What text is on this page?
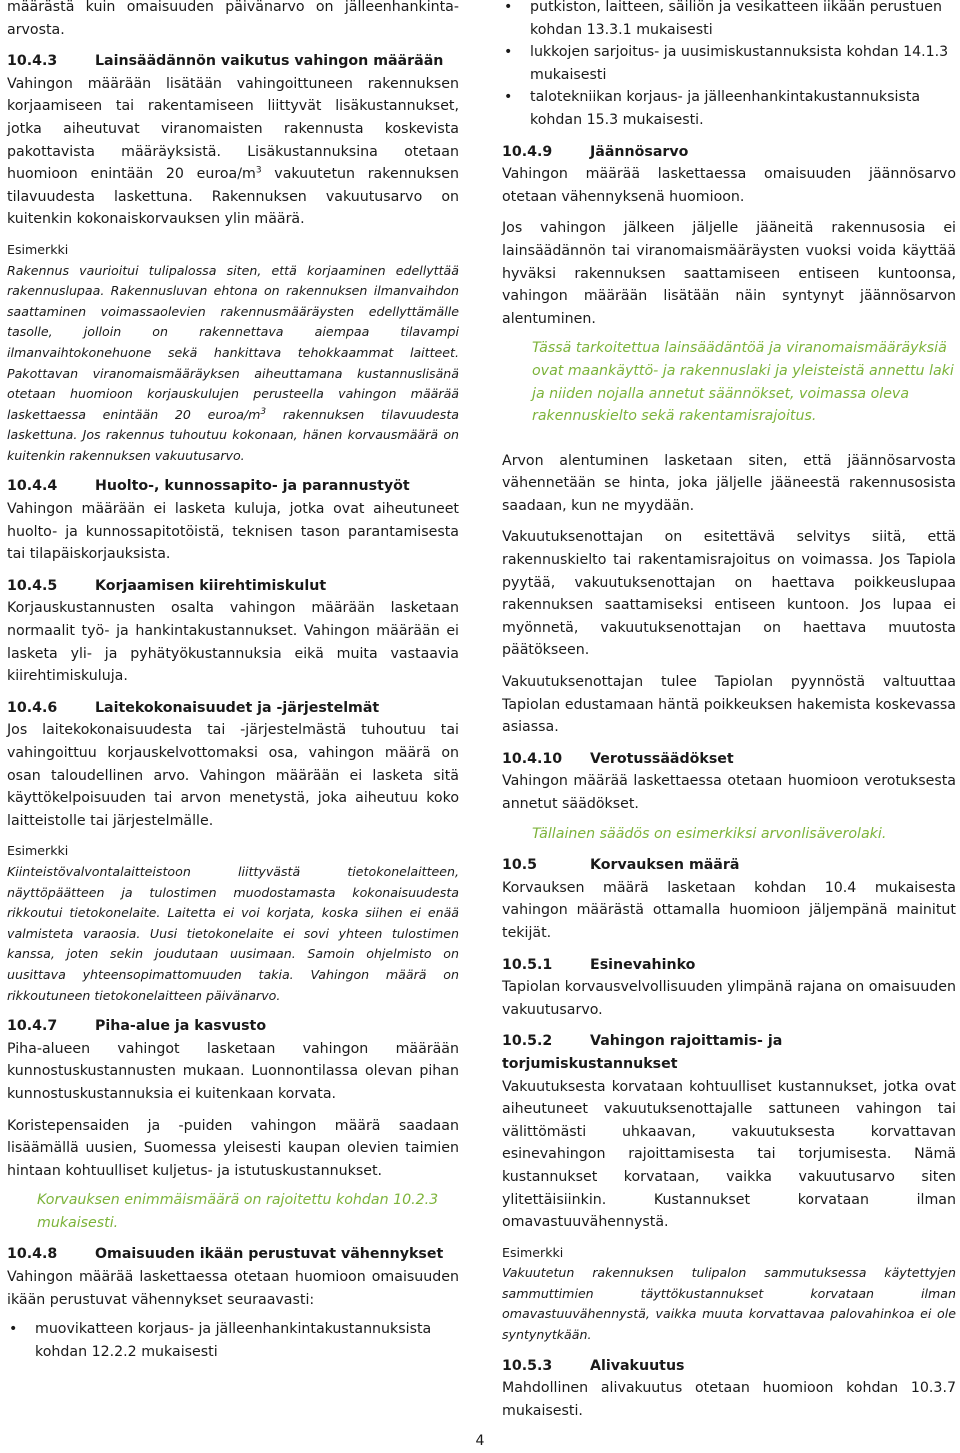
määrästä kuin omaisuuden päivänarvo on jälleenhankinta-arvosta.

10.4.3	Lainsäädännön vaikutus vahingon määrään

Vahingon määrään lisätään vahingoittuneen rakennuksen korjaamiseen tai rakentamiseen liittyvät lisäkustannukset, jotka aiheutuvat viranomaisten rakennusta koskevista pakottavista määräyksistä. Lisäkustannuksina otetaan huomioon enintään 20 euroa/$m^3$ vakuutetun rakennuksen tilavuudesta laskettuna. Rakennuksen vakuutusarvo on kuitenkin kokonaiskorvauksen ylin määrä.

Esimerkki
Rakennus vaurioitui tulipalossa siten, että korjaaminen edellyttää rakennuslupaa. Rakennusluvan ehtona on rakennuksen ilmanvaihdon saattaminen voimassaolevien rakennusmääräysten edellyttämälle tasolle, jolloin on rakennettava aiempaa tilavampi ilmanvaihtokonehuone sekä hankittava tehokkaammat laitteet. Pakottavan viranomaismääräyksen aiheuttamana kustannuslisänä otetaan huomioon korjauskulujen perusteella vahingon määrää laskettaessa enintään 20 euroa/$m^3$ rakennuksen tilavuudesta laskettuna. Jos rakennus tuhoutuu kokonaan, hänen korvausmäärä on kuitenkin rakennuksen vakuutusarvo.
10.4.4	Huolto-, kunnossapito- ja parannustyöt

Vahingon määrään ei lasketa kuluja, jotka ovat aiheutuneet huolto- ja kunnossapitotöistä, teknisen tason parantamisesta tai tilapäiskorjauksista.

10.4.5	Korjaamisen kiirehtimiskulut

Korjauskustannusten osalta vahingon määrään lasketaan normaalit työ- ja hankintakustannukset. Vahingon määrään ei lasketa yli- ja pyhätyökustannuksia eikä muita vastaavia kiirehtimiskuluja.

10.4.6	Laitekokonaisuudet ja -järjestelmät

Jos laitekokonaisuudesta tai -järjestelmästä tuhoutuu tai vahingoittuu korjauskelvottomaksi osa, vahingon määrä on osan taloudellinen arvo. Vahingon määrään ei lasketa sitä käyttökelpoisuuden tai arvon menetystä, joka aiheutuu koko laitteistolle tai järjestelmälle.

Esimerkki
Kiinteistövalvontalaitteistoon liittyvästä tietokonelaitteen, näyttöpäätteen ja tulostimen muodostamasta kokonaisuudesta rikkoutui tietokonelaite. Laitetta ei voi korjata, koska siihen ei enää valmisteta varaosia. Uusi tietokonelaite ei sovi yhteen tulostimen kanssa, joten sekin joudutaan uusimaan. Samoin ohjelmisto on uusittava yhteensopimattomuuden takia. Vahingon määrä on rikkoutuneen tietokonelaitteen päivänarvo.
10.4.7	Piha-alue ja kasvusto

Piha-alueen vahingot lasketaan vahingon määrään kunnostuskustannusten mukaan. Luonnontilassa olevan pihan kunnostuskustannuksia ei kuitenkaan korvata.

Koristepensaiden ja -puiden vahingon määrä saadaan lisäämällä uusien, Suomessa yleisesti kaupan olevien taimien hintaan kohtuulliset kuljetus- ja istutuskustannukset.

Korvauksen enimmäismäärä on rajoitettu kohdan 10.2.3 mukaisesti.

10.4.8	Omaisuuden ikään perustuvat vähennykset

Vahingon määrää laskettaessa otetaan huomioon omaisuuden ikään perustuvat vähennykset seuraavasti:

• muovikatteen korjaus- ja jälleenhankintakustannuksista kohdan 12.2.2 mukaisesti
• putkiston, laitteen, säiliön ja vesikatteen iikään perustuen kohdan 13.3.1 mukaisesti
• lukkojen sarjoitus- ja uusimiskustannuksista kohdan 14.1.3 mukaisesti
• talotekniikan korjaus- ja jälleenhankintakustannuksista kohdan 15.3 mukaisesti.
10.4.9	Jäännösarvo

Vahingon määrää laskettaessa omaisuuden jäännösarvo otetaan vähennyksenä huomioon.

Jos vahingon jälkeen jäljelle jääneitä rakennusosia ei lainsäädännön tai viranomaismääräysten vuoksi voida käyttää hyväksi rakennuksen saattamiseen entiseen kuntoonsa, vahingon määrään lisätään näin syntynyt jäännösarvon alentuminen.

Tässä tarkoitettua lainsäädäntöä ja viranomaismääräyksiä ovat maankäyttö- ja rakennuslaki ja yleisteistä annettu laki ja niiden nojalla annetut säännökset, voimassa oleva rakennuskielto sekä rakentamisrajoitus.

Arvon alentuminen lasketaan siten, että jäännösarvosta vähennetään se hinta, joka jäljelle jääneestä rakennusosista saadaan, kun ne myydään.

Vakuutuksenottajan on esitettävä selvitys siitä, että rakennuskielto tai rakentamisrajoitus on voimassa. Jos Tapiola pyytää, vakuutuksenottajan on haettava poikkeuslupaa rakennuksen saattamiseksi entiseen kuntoon. Jos lupaa ei myönnetä, vakuutuksenottajan on haettava muutosta päätökseen.

Vakuutuksenottajan tulee Tapiolan pyynnöstä valtuuttaa Tapiolan edustamaan häntä poikkeuksen hakemista koskevassa asiassa.

10.4.10 Verotussäädökset

Vahingon määrää laskettaessa otetaan huomioon verotuksesta annetut säädökset.

Tällainen säädös on esimerkiksi arvonlisäverolaki.

10.5	Korvauksen määrä

Korvauksen määrä lasketaan kohdan 10.4 mukaisesta vahingon määrästä ottamalla huomioon jäljempänä mainitut tekijät.

10.5.1	Esinevahinko

Tapiolan korvausvelvollisuuden ylimpänä rajana on omaisuuden vakuutusarvo.

10.5.2	Vahingon rajoittamis- ja torjumiskustannukset

Vakuutuksesta korvataan kohtuulliset kustannukset, jotka ovat aiheutuneet vakuutuksenottajalle sattuneen vahingon tai välittömästi uhkaavan, vakuutuksesta korvattavan esinevahingon rajoittamisesta tai torjumisesta. Nämä kustannukset korvataan, vaikka vakuutusarvo siten ylitettäisiinkin. Kustannukset korvataan ilman omavastuuvähennystä.

Esimerkki
Vakuutetun rakennuksen tulipalon sammutuksessa käytettyjen sammuttimien täyttökustannukset korvataan ilman omavastuuvähennystä, vaikka muuta korvattavaa palovahinkoa ei ole syntynytkään.
10.5.3	Alivakuutus

Mahdollinen alivakuutus otetaan huomioon kohdan 10.3.7 mukaisesti.

4
